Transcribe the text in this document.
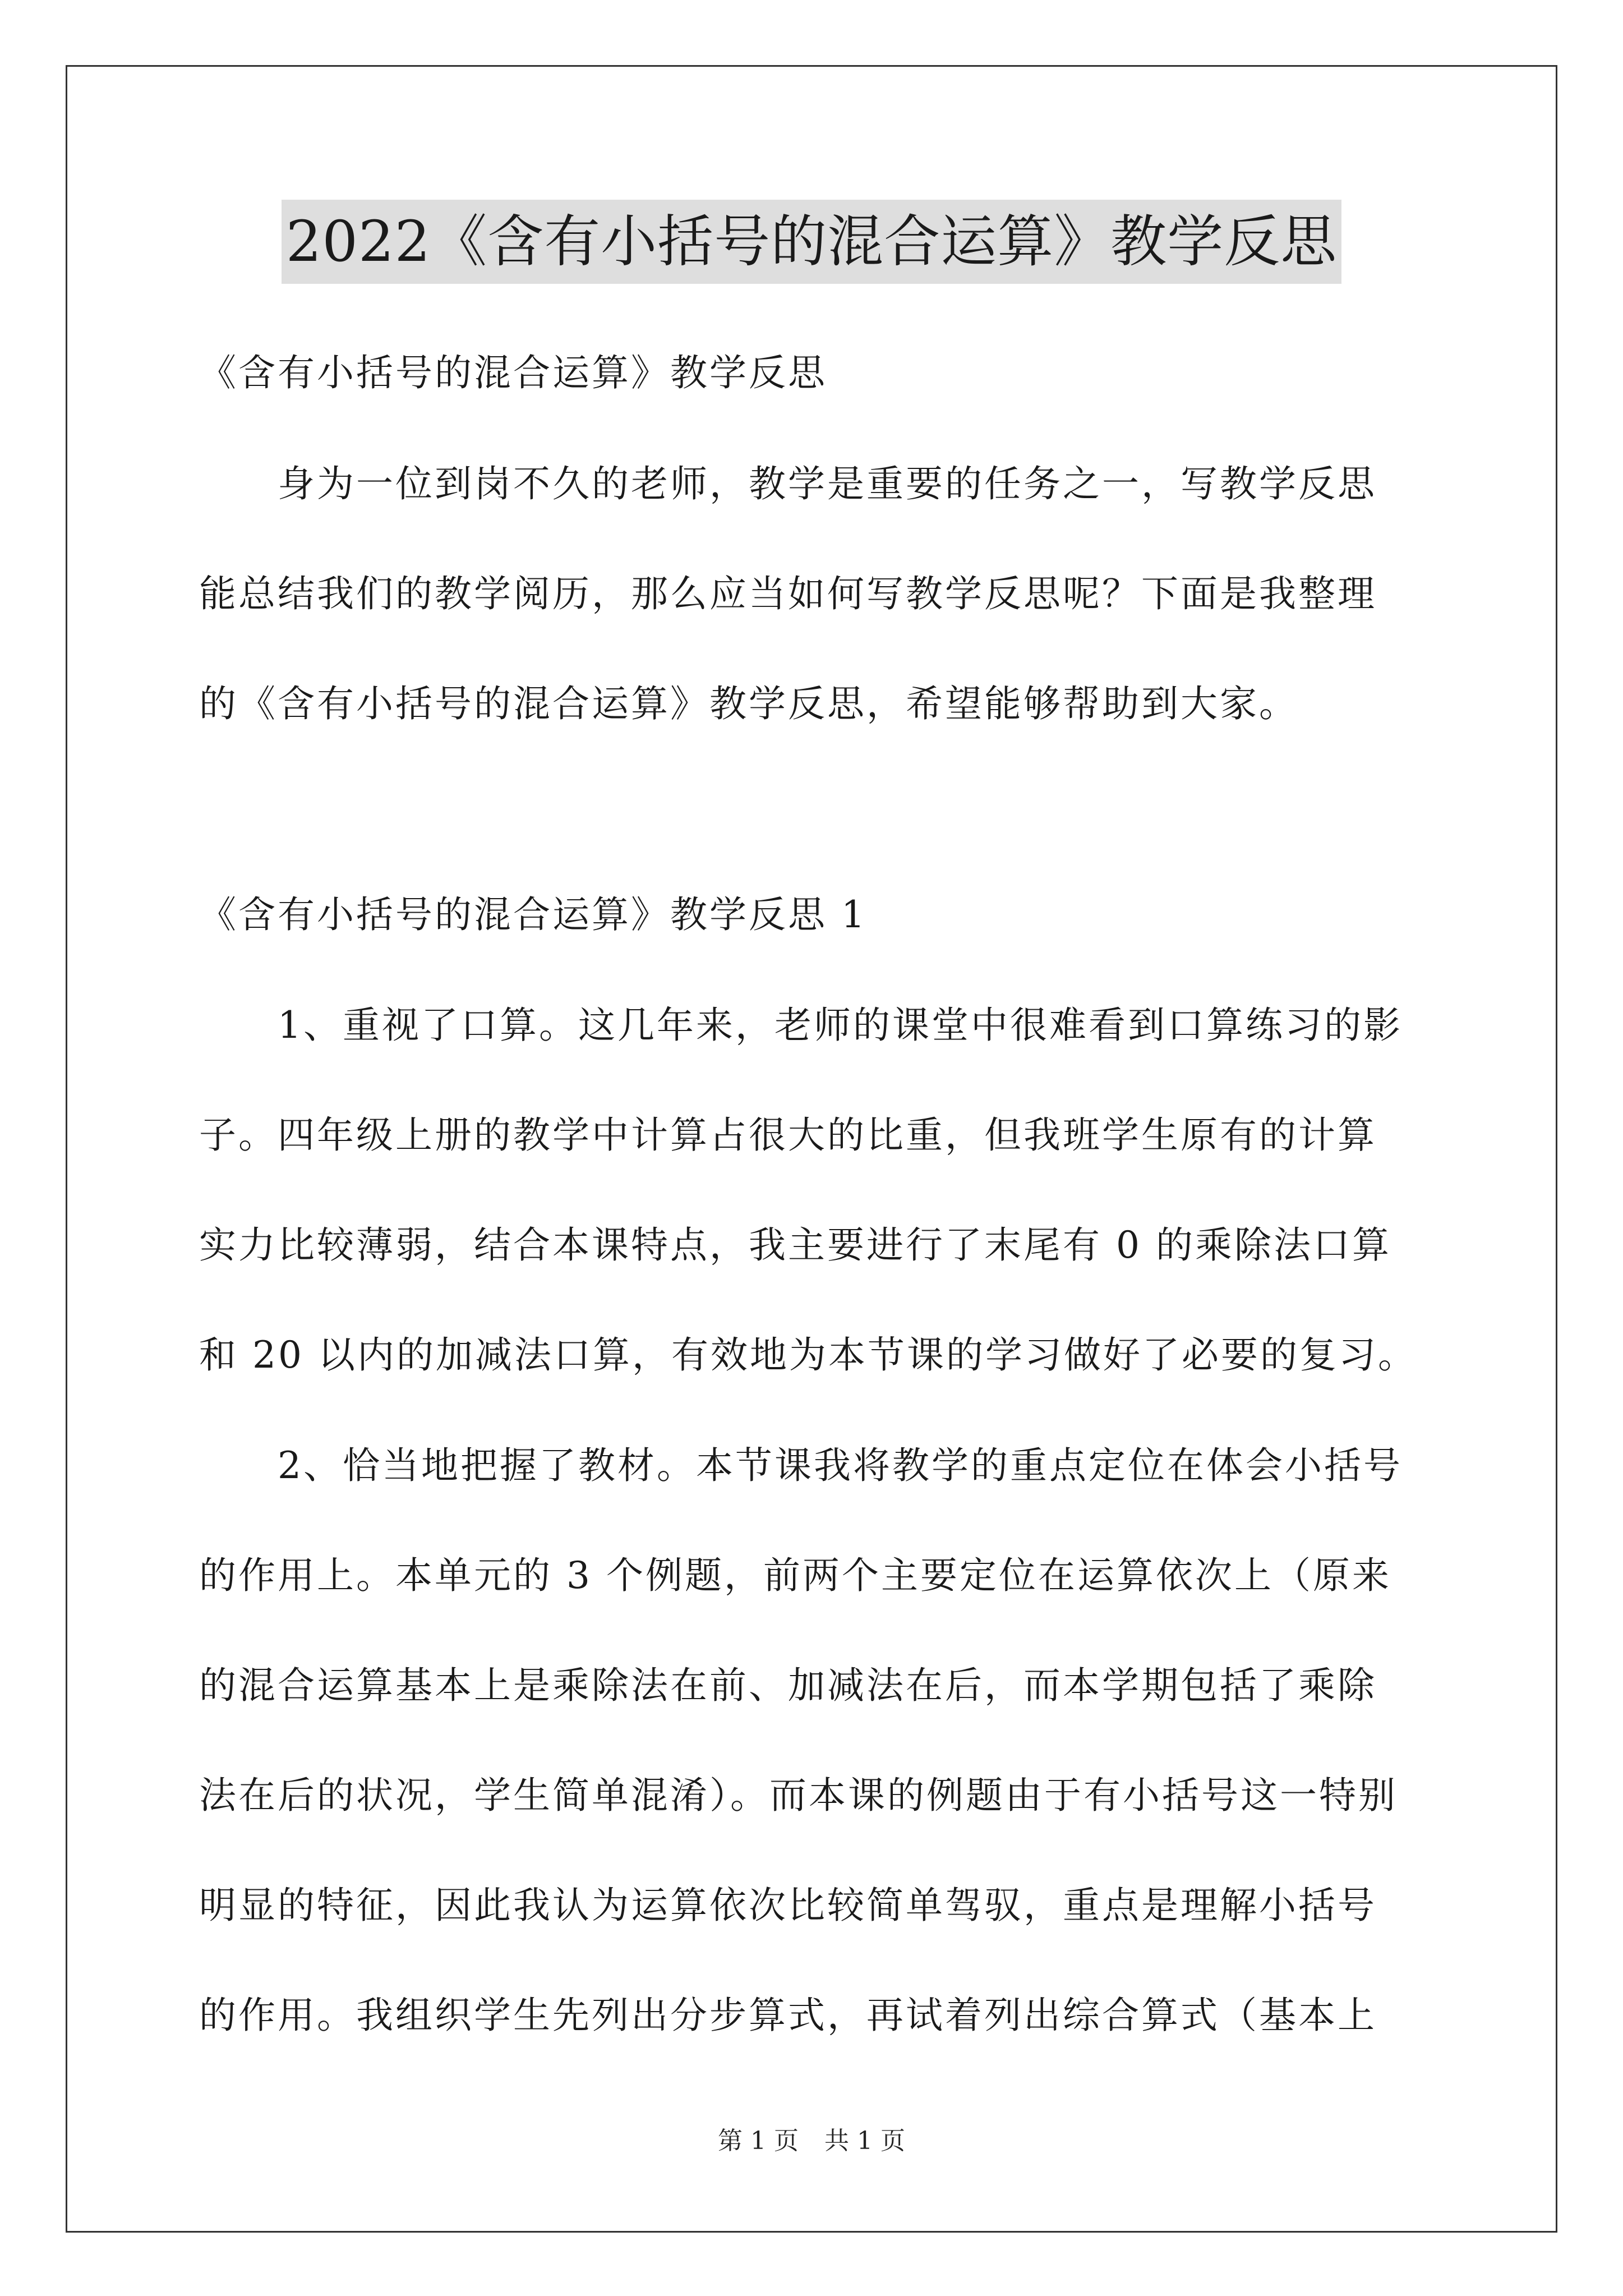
2022《含有小括号的混合运算》教学反思
《含有小括号的混合运算》教学反思
身为一位到岗不久的老师，教学是重要的任务之一，写教学反思
能总结我们的教学阅历，那么应当如何写教学反思呢？下面是我整理
的《含有小括号的混合运算》教学反思，希望能够帮助到大家。
《含有小括号的混合运算》教学反思 1
1、重视了口算。这几年来，老师的课堂中很难看到口算练习的影
子。四年级上册的教学中计算占很大的比重，但我班学生原有的计算
实力比较薄弱，结合本课特点，我主要进行了末尾有 0 的乘除法口算
和 20 以内的加减法口算，有效地为本节课的学习做好了必要的复习。
2、恰当地把握了教材。本节课我将教学的重点定位在体会小括号
的作用上。本单元的 3 个例题，前两个主要定位在运算依次上（原来
的混合运算基本上是乘除法在前、加减法在后，而本学期包括了乘除
法在后的状况，学生简单混淆）。而本课的例题由于有小括号这一特别
明显的特征，因此我认为运算依次比较简单驾驭，重点是理解小括号
的作用。我组织学生先列出分步算式，再试着列出综合算式（基本上
第 1 页 共 1 页
